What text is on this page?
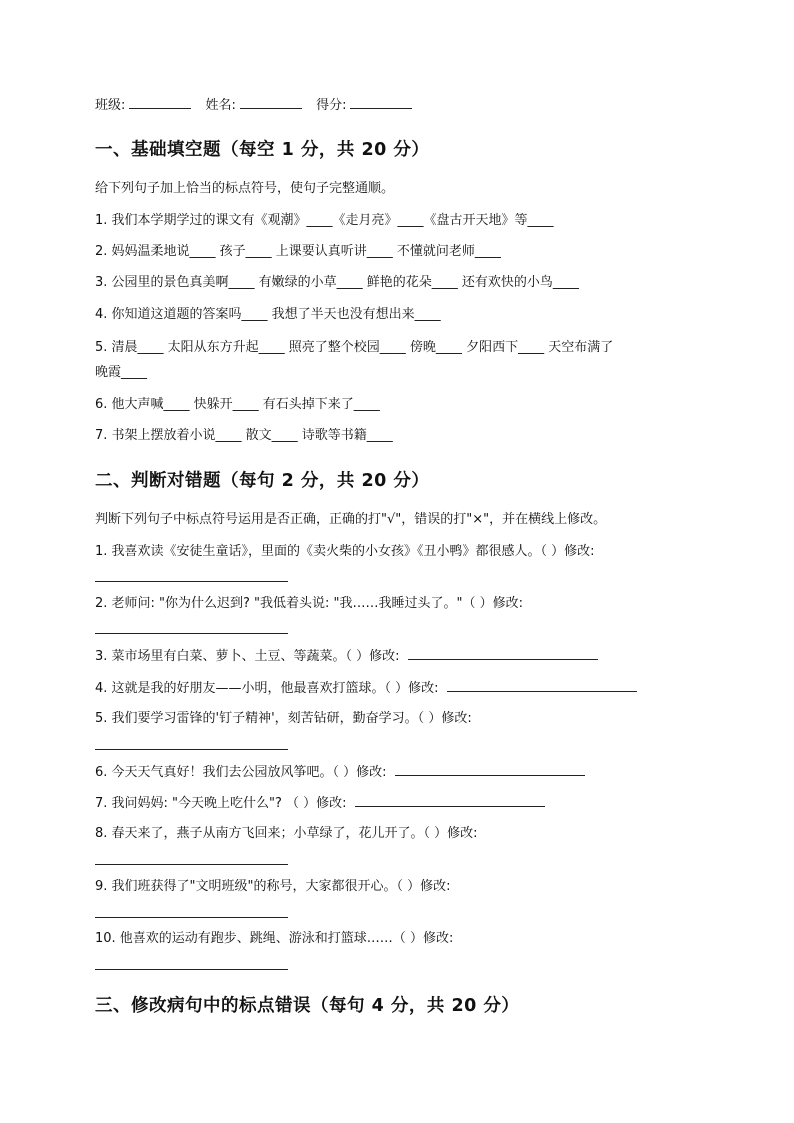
班级:	姓名:	得分:
一、基础填空题（每空 1 分，共 20 分）
给下列句子加上恰当的标点符号，使句子完整通顺。
1. 我们本学期学过的课文有《观潮》____《走月亮》____《盘古开天地》等____
2. 妈妈温柔地说____ 孩子____ 上课要认真听讲____ 不懂就问老师____
3. 公园里的景色真美啊____ 有嫩绿的小草____ 鲜艳的花朵____ 还有欢快的小鸟____
4. 你知道这道题的答案吗____ 我想了半天也没有想出来____
5. 清晨____ 太阳从东方升起____ 照亮了整个校园____ 傍晚____ 夕阳西下____ 天空布满了
晚霞____
6. 他大声喊____ 快躲开____ 有石头掉下来了____
7. 书架上摆放着小说____ 散文____ 诗歌等书籍____
二、判断对错题（每句 2 分，共 20 分）
判断下列句子中标点符号运用是否正确，正确的打"√"，错误的打"×"，并在横线上修改。
1. 我喜欢读《安徒生童话》，里面的《卖火柴的小女孩》《丑小鸭》都很感人。（ ）修改:
2. 老师问: "你为什么迟到? "我低着头说: "我……我睡过头了。"（ ）修改:
3. 菜市场里有白菜、萝卜、土豆、等蔬菜。（ ）修改:
4. 这就是我的好朋友——小明，他最喜欢打篮球。（ ）修改:
5. 我们要学习雷锋的'钉子精神'，刻苦钻研，勤奋学习。（ ）修改:
6. 今天天气真好！我们去公园放风筝吧。（ ）修改:
7. 我问妈妈: "今天晚上吃什么"? （ ）修改:
8. 春天来了，燕子从南方飞回来；小草绿了，花儿开了。（ ）修改:
9. 我们班获得了"文明班级"的称号，大家都很开心。（ ）修改:
10. 他喜欢的运动有跑步、跳绳、游泳和打篮球……（ ）修改:
三、修改病句中的标点错误（每句 4 分，共 20 分）
